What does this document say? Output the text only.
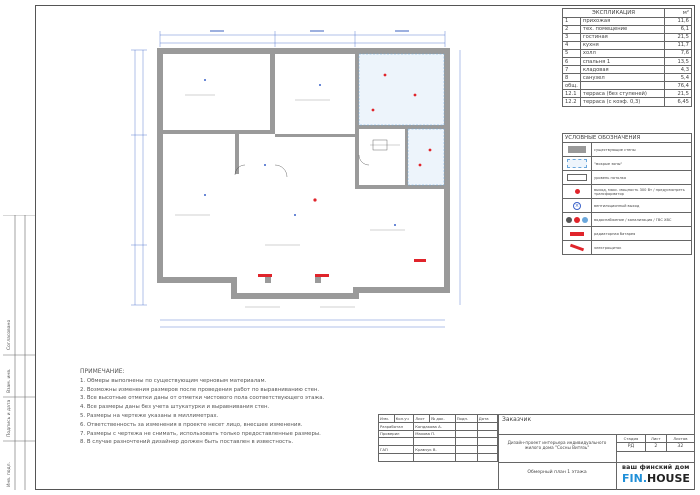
Согласовано
Взам. инв.
Подпись и дата
Инв. подл.
ЭКСПЛИКАЦИЯ		м²
1	прихожая	11,6
2	тех. помещение	6,1
3	гостиная	21,5
4	кухня	11,7
5	холл	7,6
6	спальня 1	13,5
7	кладовая	4,3
8	санузел	5,4
общ.		76,4
12.1	терраса (без ступеней)	21,5
12.2	терраса (с коэф. 0,3)	6,45
УСЛОВНЫЕ ОБОЗНАЧЕНИЯ	

	существующие стены

	"мокрые зоны"

	уровень потолка

	выход, макс. мощность 300 Вт / предусмотреть трансформатор

×	вентиляционный выход

	водоснабжение / канализация / ГВС ХВС

	радиаторная батарея

	электрощиток
ПРИМЕЧАНИЕ:
1. Обмеры выполнены по существующим черновым материалам.
2. Возможны изменения размеров после проведения работ по выравниванию стен.
3. Все высотные отметки даны от отметки чистового пола соответствующего этажа.
4. Все размеры даны без учета штукатурки и выравнивания стен.
5. Размеры на чертеже указаны в миллиметрах.
6. Ответственность за изменения в проекте несет лицо, внесшее изменения.
7. Размеры с чертежа не снимать, использовать только предоставленные размеры.
8. В случае разночтений дизайнер должен быть поставлен в известность.
Изм.	Кол.уч	Лист	№ док.	Подп.	Дата
Разработал		Кондакова А.			
Проверил		Махова П.			

ГАП		Кравчук В.			

Заказчик
Дизайн-проект интерьера индивидуального жилого дома "Сосны Витязь"
Обмерный план 1 этажа
Стадия	Лист	Листов
РД	2	32
ваш финский дом
FIN.HOUSE
